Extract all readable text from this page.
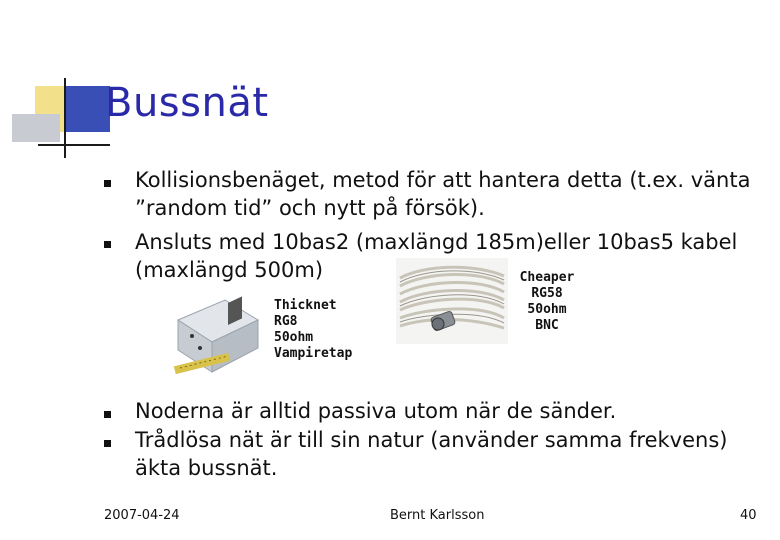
Bussnät
Kollisionsbenäget, metod för att hantera detta (t.ex. vänta ”random tid” och nytt på försök).
Ansluts med 10bas2 (maxlängd 185m)eller 10bas5 kabel (maxlängd 500m)
Thicknet
RG8
50ohm
Vampiretap
Cheaper
RG58
50ohm
BNC
Noderna är alltid passiva utom när de sänder.
Trådlösa nät är till sin natur (använder samma frekvens) äkta bussnät.
2007-04-24	Bernt Karlsson	40
